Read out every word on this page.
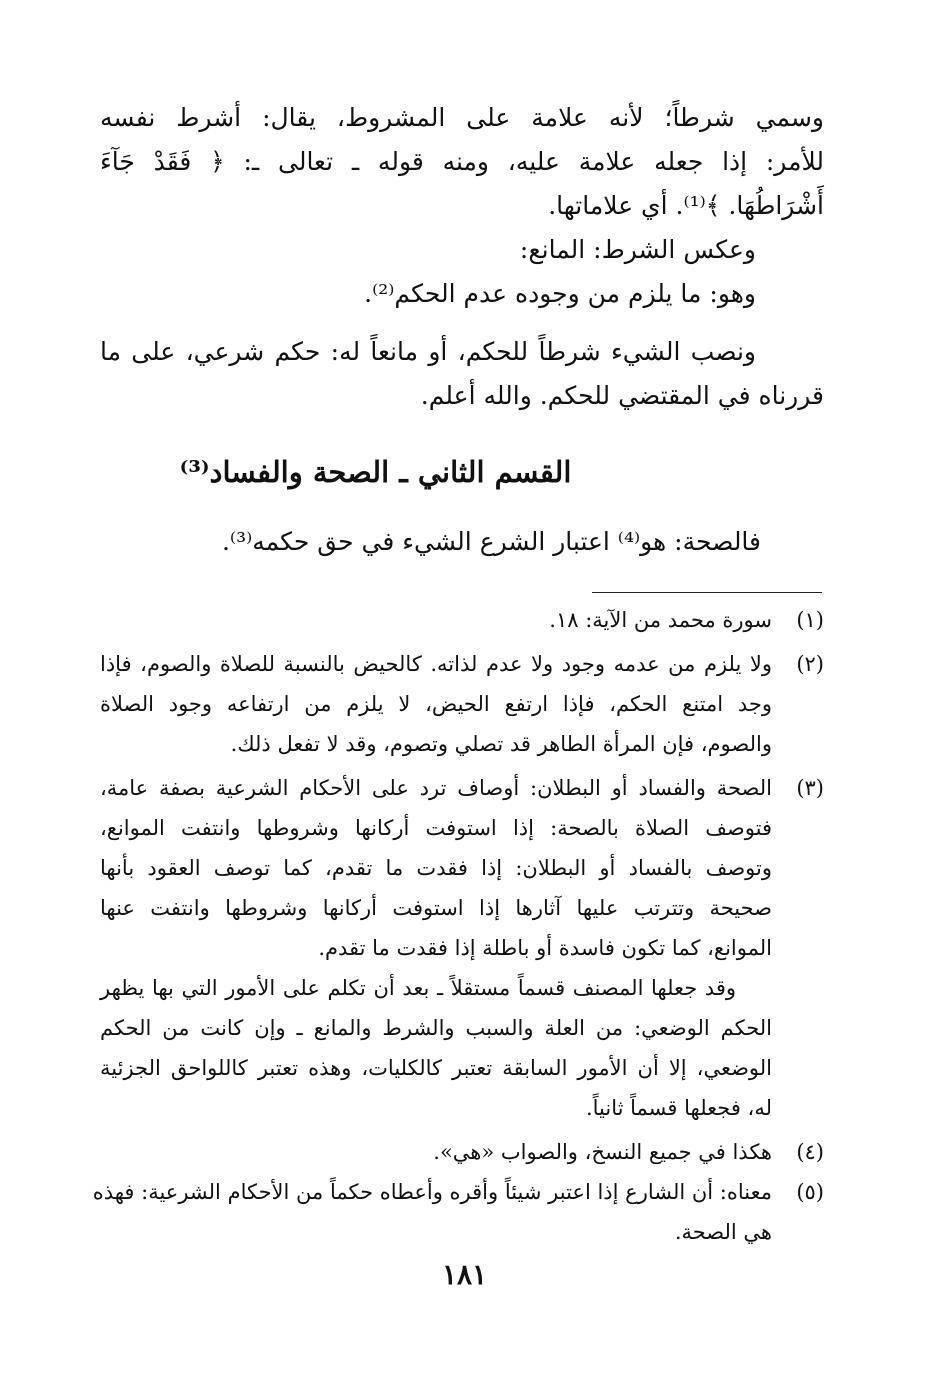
وسمي شرطاً؛ لأنه علامة على المشروط، يقال: أشرط نفسه
للأمر: إذا جعله علامة عليه، ومنه قوله ـ تعالى ـ: ﴿ فَقَدْ جَآءَ
أَشْرَاطُهَا. ﴾⁽¹⁾. أي علاماتها.
وعكس الشرط: المانع:
وهو: ما يلزم من وجوده عدم الحكم⁽²⁾.
ونصب الشيء شرطاً للحكم، أو مانعاً له: حكم شرعي، على ما
قررناه في المقتضي للحكم. والله أعلم.
القسم الثاني ـ الصحة والفساد⁽³⁾
فالصحة: هو⁽⁴⁾ اعتبار الشرع الشيء في حق حكمه⁽³⁾.
(١)
سورة محمد من الآية: ١٨.
(٢)
ولا يلزم من عدمه وجود ولا عدم لذاته. كالحيض بالنسبة للصلاة والصوم، فإذا
وجد امتنع الحكم، فإذا ارتفع الحيض، لا يلزم من ارتفاعه وجود الصلاة
والصوم، فإن المرأة الطاهر قد تصلي وتصوم، وقد لا تفعل ذلك.
(٣)
الصحة والفساد أو البطلان: أوصاف ترد على الأحكام الشرعية بصفة عامة،
فتوصف الصلاة بالصحة: إذا استوفت أركانها وشروطها وانتفت الموانع،
وتوصف بالفساد أو البطلان: إذا فقدت ما تقدم، كما توصف العقود بأنها
صحيحة وتترتب عليها آثارها إذا استوفت أركانها وشروطها وانتفت عنها
الموانع، كما تكون فاسدة أو باطلة إذا فقدت ما تقدم.
وقد جعلها المصنف قسماً مستقلاً ـ بعد أن تكلم على الأمور التي بها يظهر
الحكم الوضعي: من العلة والسبب والشرط والمانع ـ وإن كانت من الحكم
الوضعي، إلا أن الأمور السابقة تعتبر كالكليات، وهذه تعتبر كاللواحق الجزئية
له، فجعلها قسماً ثانياً.
(٤)
هكذا في جميع النسخ، والصواب «هي».
(٥)
معناه: أن الشارع إذا اعتبر شيئاً وأقره وأعطاه حكماً من الأحكام الشرعية: فهذه
هي الصحة.
١٨١
